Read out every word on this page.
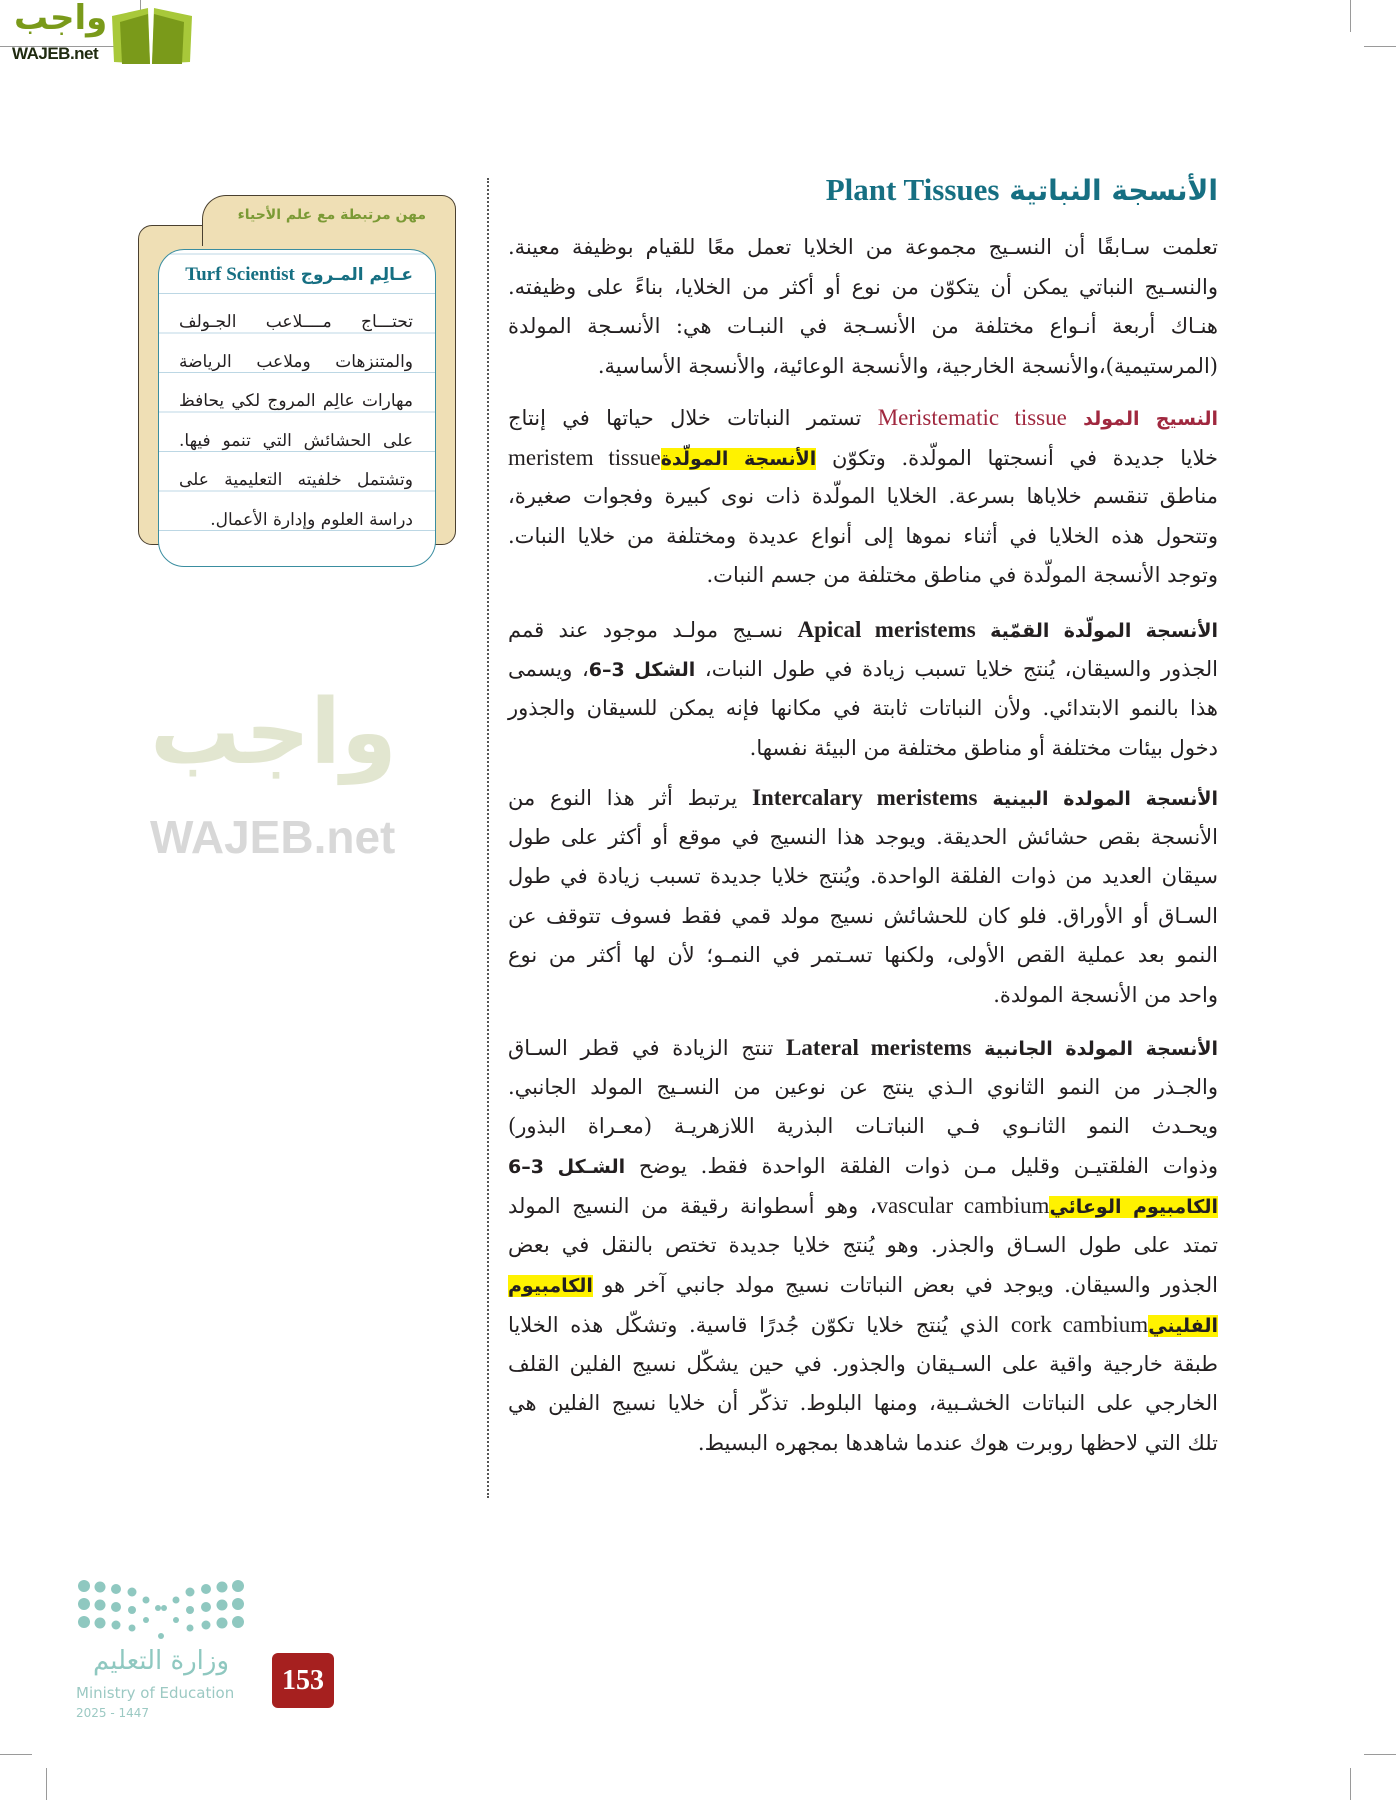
واجب
WAJEB.net
واجب
WAJEB.net
الأنسجة النباتية Plant Tissues
تعلمت سـابقًا أن النسـيج مجموعة من الخلايا تعمل معًا للقيام بوظيفة معينة.
والنسـيج النباتي يمكن أن يتكوّن من نوع أو أكثر من الخلايا، بناءً على وظيفته.
هنـاك أربعة أنـواع مختلفة من الأنسـجة في النبـات هي: الأنسـجة المولدة
(المرستيمية)،والأنسجة الخارجية، والأنسجة الوعائية، والأنسجة الأساسية.
النسيج المولد Meristematic tissue تستمر النباتات خلال حياتها في إنتاج
خلايا جديدة في أنسجتها المولّدة. وتكوّن الأنسجة المولّدةmeristem tissue
مناطق تنقسم خلاياها بسرعة. الخلايا المولّدة ذات نوى كبيرة وفجوات صغيرة،
وتتحول هذه الخلايا في أثناء نموها إلى أنواع عديدة ومختلفة من خلايا النبات.
وتوجد الأنسجة المولّدة في مناطق مختلفة من جسم النبات.
الأنسجة المولّدة القمّية Apical meristems نسـيج مولـد موجود عند قمم
الجذور والسيقان، يُنتج خلايا تسبب زيادة في طول النبات، الشكل 3–6، ويسمى
هذا بالنمو الابتدائي. ولأن النباتات ثابتة في مكانها فإنه يمكن للسيقان والجذور
دخول بيئات مختلفة أو مناطق مختلفة من البيئة نفسها.
الأنسجة المولدة البينية Intercalary meristems يرتبط أثر هذا النوع من
الأنسجة بقص حشائش الحديقة. ويوجد هذا النسيج في موقع أو أكثر على طول
سيقان العديد من ذوات الفلقة الواحدة. ويُنتج خلايا جديدة تسبب زيادة في طول
السـاق أو الأوراق. فلو كان للحشائش نسيج مولد قمي فقط فسوف تتوقف عن
النمو بعد عملية القص الأولى، ولكنها تسـتمر في النمـو؛ لأن لها أكثر من نوع
واحد من الأنسجة المولدة.
الأنسجة المولدة الجانبية Lateral meristems تنتج الزيادة في قطر السـاق
والجـذر من النمو الثانوي الـذي ينتج عن نوعين من النسـيج المولد الجانبي.
ويحـدث النمو الثانـوي فـي النباتـات البذرية اللازهريـة (معـراة البذور)
وذوات الفلقتيـن وقليل مـن ذوات الفلقة الواحدة فقط. يوضح الشـكل 3–6
الكامبيوم الوعائيvascular cambium، وهو أسطوانة رقيقة من النسيج المولد
تمتد على طول السـاق والجذر. وهو يُنتج خلايا جديدة تختص بالنقل في بعض
الجذور والسيقان. ويوجد في بعض النباتات نسيج مولد جانبي آخر هو الكامبيوم
الفلينيcork cambium الذي يُنتج خلايا تكوّن جُدرًا قاسية. وتشكّل هذه الخلايا
طبقة خارجية واقية على السـيقان والجذور. في حين يشكّل نسيج الفلين القلف
الخارجي على النباتات الخشـبية، ومنها البلوط. تذكّر أن خلايا نسيج الفلين هي
تلك التي لاحظها روبرت هوك عندما شاهدها بمجهره البسيط.
مهن مرتبطة مع علم الأحياء
عـالِم المـروج Turf Scientist
تحتـــاج مــــلاعب الجـولف
والمتنزهات وملاعب الرياضة
مهارات عالِم المروج لكي يحافظ
على الحشائش التي تنمو فيها.
وتشتمل خلفيته التعليمية على
دراسة العلوم وإدارة الأعمال.
وزارة التعليم
Ministry of Education
2025 - 1447
153
